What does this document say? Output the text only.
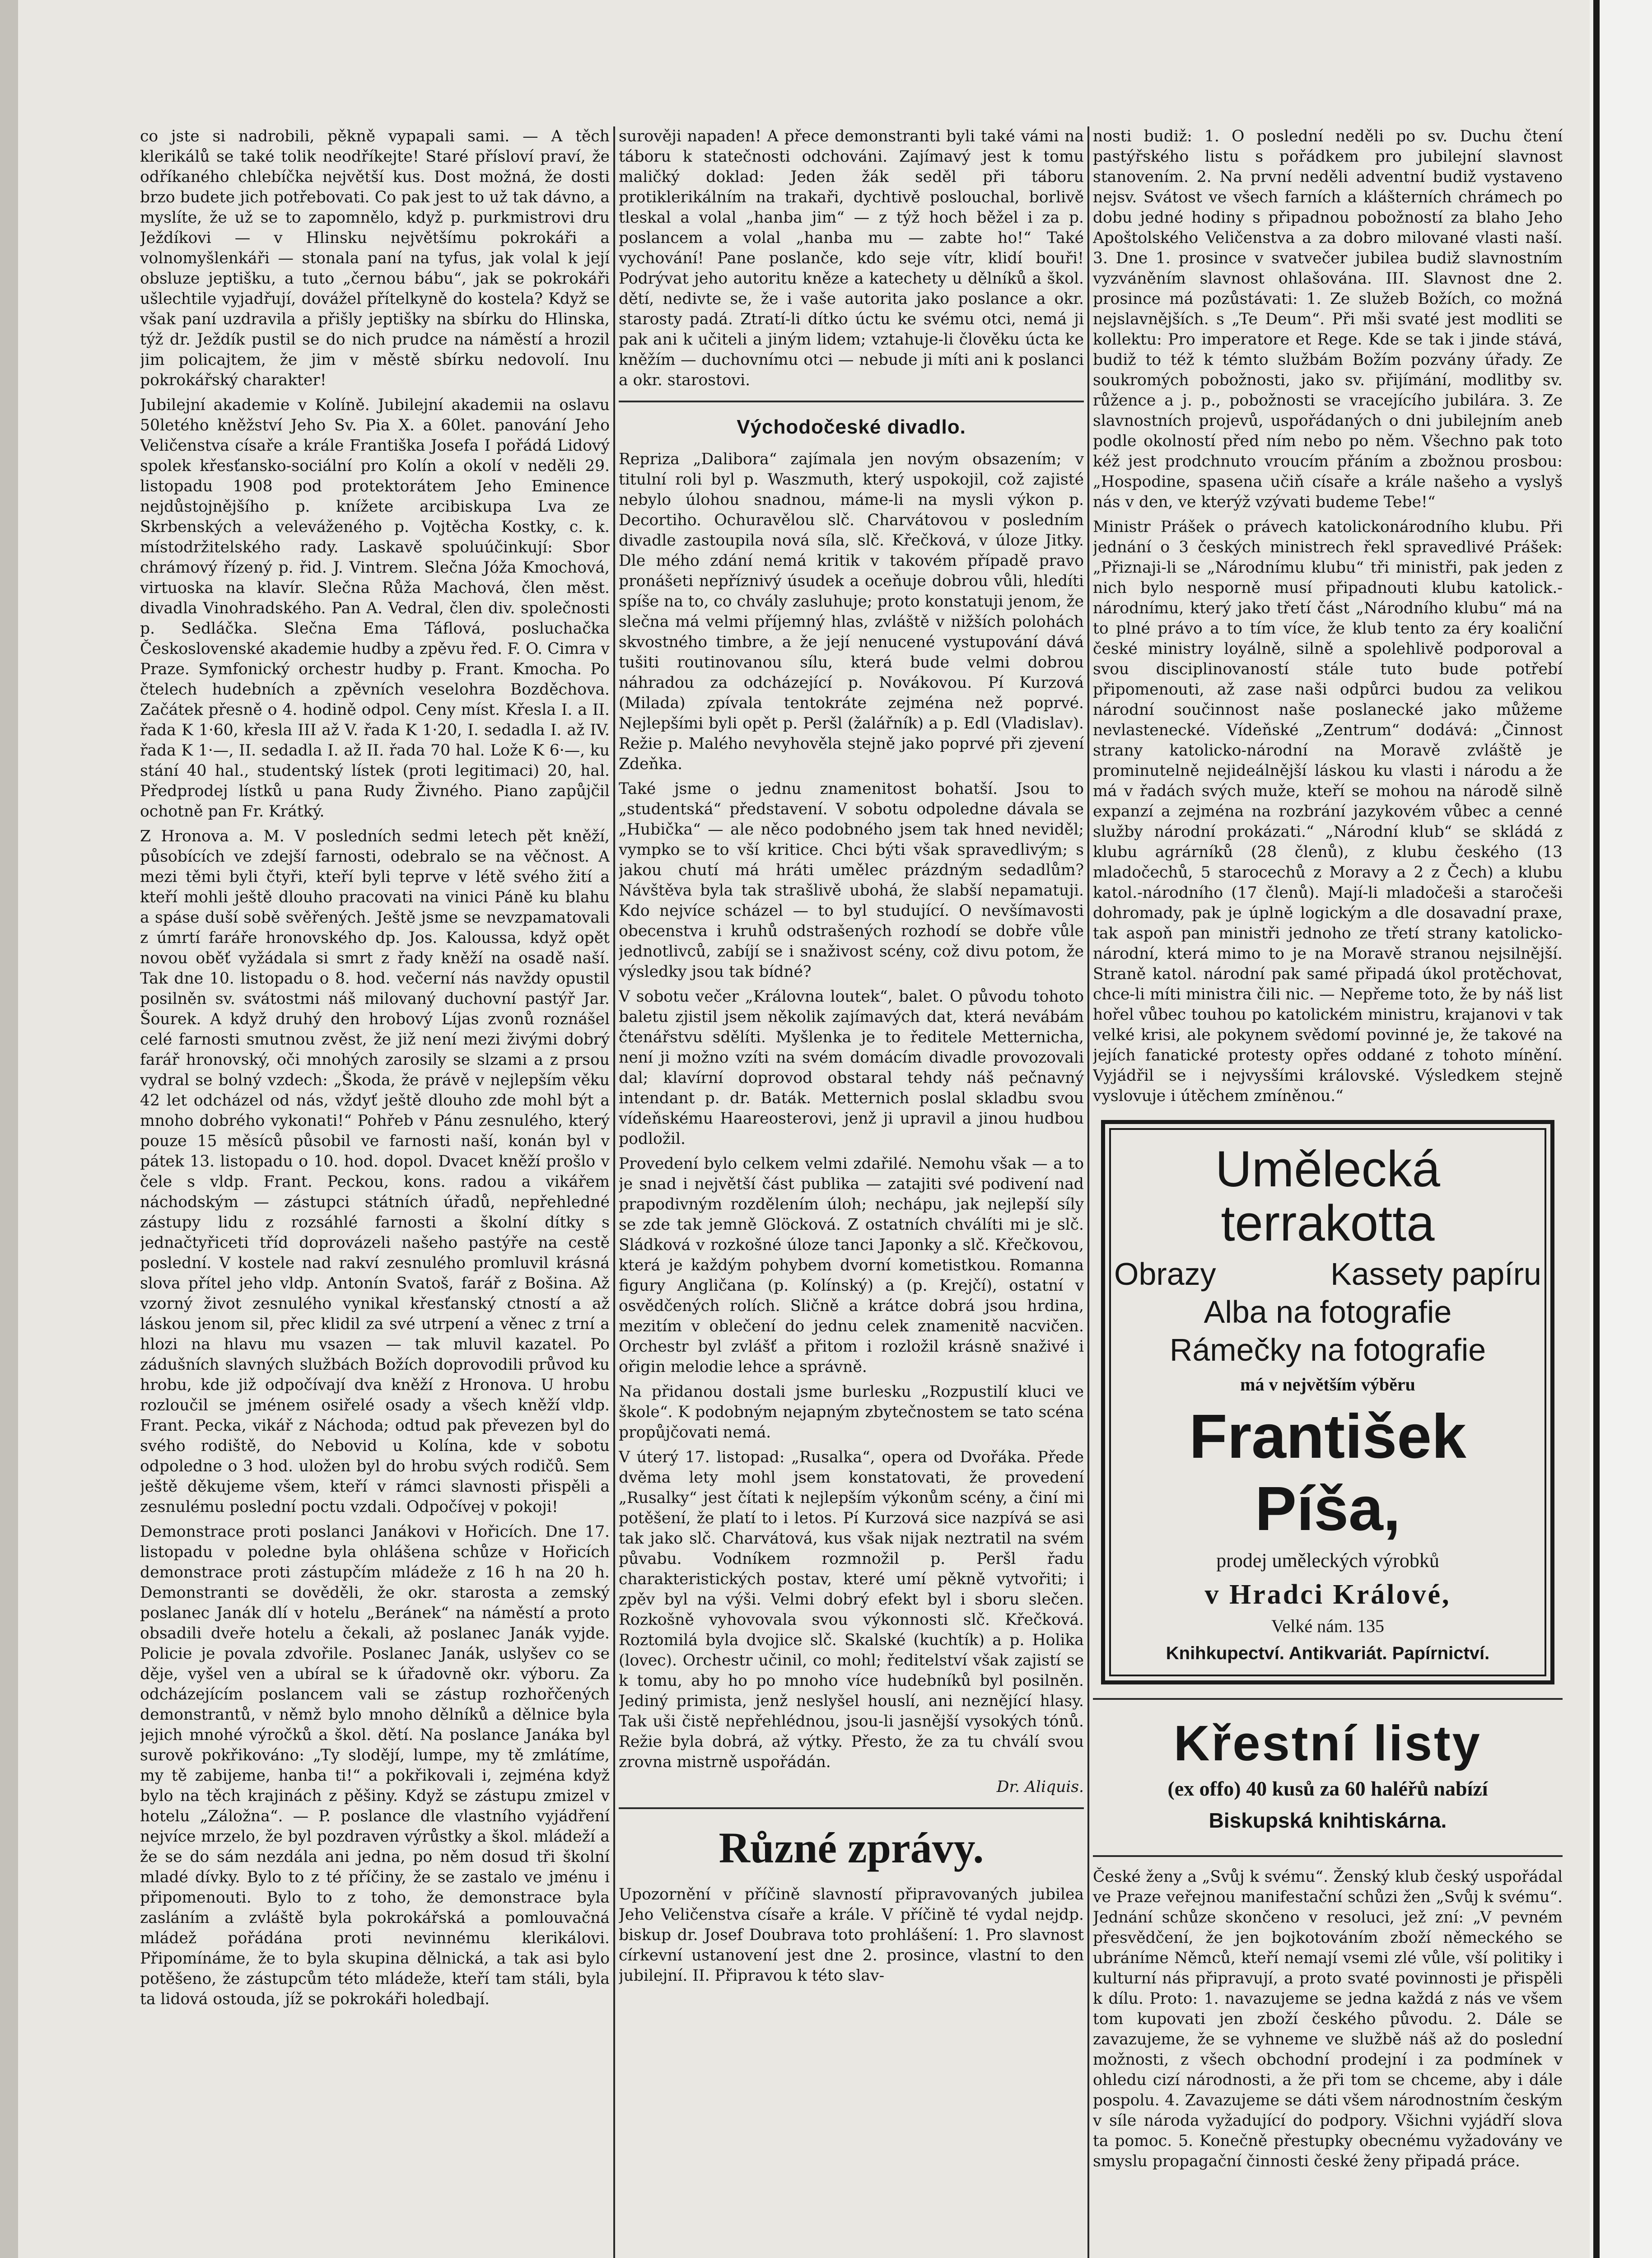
co jste si nadrobili, pěkně vypapali sami. — A těch klerikálů se také tolik neodříkejte! Staré přísloví praví, že odříkaného chlebíčka největší kus. Dost možná, že dosti brzo budete jich potřebovati. Co pak jest to už tak dávno, a myslíte, že už se to zapomnělo, když p. purkmistrovi dru Ježdíkovi — v Hlinsku největšímu pokrokáři a volnomyšlenkáři — stonala paní na tyfus, jak volal k její obsluze jeptišku, a tuto „černou bábu“, jak se pokrokáři ušlechtile vyjadřují, dovážel přítelkyně do kostela? Když se však paní uzdravila a přišly jeptišky na sbírku do Hlinska, týž dr. Ježdík pustil se do nich prudce na náměstí a hrozil jim policajtem, že jim v městě sbírku nedovolí. Inu pokrokářský charakter!

Jubilejní akademie v Kolíně. Jubilejní akademii na oslavu 50letého kněžství Jeho Sv. Pia X. a 60let. panování Jeho Veličenstva císaře a krále Františka Josefa I pořádá Lidový spolek křesťansko-sociální pro Kolín a okolí v neděli 29. listopadu 1908 pod protektorátem Jeho Eminence nejdůstojnějšího p. knížete arcibiskupa Lva ze Skrbenských a veleváženého p. Vojtěcha Kostky, c. k. místodržitelského rady. Laskavě spoluúčinkují: Sbor chrámový řízený p. řid. J. Vintrem. Slečna Jóža Kmochová, virtuoska na klavír. Slečna Růža Machová, člen měst. divadla Vinohradského. Pan A. Vedral, člen div. společnosti p. Sedláčka. Slečna Ema Táflová, posluchačka Československé akademie hudby a zpěvu řed. F. O. Cimra v Praze. Symfonický orchestr hudby p. Frant. Kmocha. Po čtelech hudebních a zpěvních veselohra Bozděchova. Začátek přesně o 4. hodině odpol. Ceny míst. Křesla I. a II. řada K 1·60, křesla III až V. řada K 1·20, I. sedadla I. až IV. řada K 1·—, II. sedadla I. až II. řada 70 hal. Lože K 6·—, ku stání 40 hal., studentský lístek (proti legitimaci) 20, hal. Předprodej lístků u pana Rudy Živného. Piano zapůjčil ochotně pan Fr. Krátký.

Z Hronova a. M. V posledních sedmi letech pět kněží, působících ve zdejší farnosti, odebralo se na věčnost. A mezi těmi byli čtyři, kteří byli teprve v létě svého žití a kteří mohli ještě dlouho pracovati na vinici Páně ku blahu a spáse duší sobě svěřených. Ještě jsme se nevzpamatovali z úmrtí faráře hronovského dp. Jos. Kaloussa, když opět novou oběť vyžádala si smrt z řady kněží na osadě naší. Tak dne 10. listopadu o 8. hod. večerní nás navždy opustil posilněn sv. svátostmi náš milovaný duchovní pastýř Jar. Šourek. A když druhý den hrobový Líjas zvonů roznášel celé farnosti smutnou zvěst, že již není mezi živými dobrý farář hronovský, oči mnohých zarosily se slzami a z prsou vydral se bolný vzdech: „Škoda, že právě v nejlepším věku 42 let odcházel od nás, vždyť ještě dlouho zde mohl být a mnoho dobrého vykonati!“ Pohřeb v Pánu zesnulého, který pouze 15 měsíců působil ve farnosti naší, konán byl v pátek 13. listopadu o 10. hod. dopol. Dvacet kněží prošlo v čele s vldp. Frant. Peckou, kons. radou a vikářem náchodským — zástupci státních úřadů, nepřehledné zástupy lidu z rozsáhlé farnosti a školní dítky s jednačtyřiceti tříd doprovázeli našeho pastýře na cestě poslední. V kostele nad rakví zesnulého promluvil krásná slova přítel jeho vldp. Antonín Svatoš, farář z Bošina. Až vzorný život zesnulého vynikal křesťanský ctností a až láskou jenom sil, přec klidil za své utrpení a věnec z trní a hlozi na hlavu mu vsazen — tak mluvil kazatel. Po zádušních slavných službách Božích doprovodili průvod ku hrobu, kde již odpočívají dva kněží z Hronova. U hrobu rozloučil se jménem osiřelé osady a všech kněží vldp. Frant. Pecka, vikář z Náchoda; odtud pak převezen byl do svého rodiště, do Nebovid u Kolína, kde v sobotu odpoledne o 3 hod. uložen byl do hrobu svých rodičů. Sem ještě děkujeme všem, kteří v rámci slavnosti přispěli a zesnulému poslední poctu vzdali. Odpočívej v pokoji!

Demonstrace proti poslanci Janákovi v Hořicích. Dne 17. listopadu v poledne byla ohlášena schůze v Hořicích demonstrace proti zástupčím mládeže z 16 h na 20 h. Demonstranti se dověděli, že okr. starosta a zemský poslanec Janák dlí v hotelu „Beránek“ na náměstí a proto obsadili dveře hotelu a čekali, až poslanec Janák vyjde. Policie je povala zdvořile. Poslanec Janák, uslyšev co se děje, vyšel ven a ubíral se k úřadovně okr. výboru. Za odcházejícím poslancem vali se zástup rozhořčených demonstrantů, v němž bylo mnoho dělníků a dělnice byla jejich mnohé výročků a škol. dětí. Na poslance Janáka byl surově pokřikováno: „Ty slodějí, lumpe, my tě zmlátíme, my tě zabijeme, hanba ti!“ a pokřikovali i, zejména když bylo na těch krajinách z pěšiny. Když se zástupu zmizel v hotelu „Záložna“. — P. poslance dle vlastního vyjádření nejvíce mrzelo, že byl pozdraven výrůstky a škol. mládeží a že se do sám nezdála ani jedna, po něm dosud tři školní mladé dívky. Bylo to z té příčiny, že se zastalo ve jménu i připomenouti. Bylo to z toho, že demonstrace byla zasláním a zvláště byla pokrokářská a pomlouvačná mládež pořádána proti nevinnému klerikálovi. Připomínáme, že to byla skupina dělnická, a tak asi bylo potěšeno, že zástupcům této mládeže, kteří tam stáli, byla ta lidová ostouda, jíž se pokrokáři holedbají.

surověji napaden! A přece demonstranti byli také vámi na táboru k statečnosti odchováni. Zajímavý jest k tomu maličký doklad: Jeden žák seděl při táboru protiklerikálním na trakaři, dychtivě poslouchal, borlivě tleskal a volal „hanba jim“ — z týž hoch běžel i za p. poslancem a volal „hanba mu — zabte ho!“ Také vychování! Pane poslanče, kdo seje vítr, klidí bouři! Podrývat jeho autoritu kněze a katechety u dělníků a škol. dětí, nedivte se, že i vaše autorita jako poslance a okr. starosty padá. Ztratí-li dítko úctu ke svému otci, nemá ji pak ani k učiteli a jiným lidem; vztahuje-li člověku úcta ke kněžím — duchovnímu otci — nebude ji míti ani k poslanci a okr. starostovi.

Východočeské divadlo.

Repriza „Dalibora“ zajímala jen novým obsazením; v titulní roli byl p. Waszmuth, který uspokojil, což zajisté nebylo úlohou snadnou, máme-li na mysli výkon p. Decortiho. Ochuravělou slč. Charvátovou v posledním divadle zastoupila nová síla, slč. Křečková, v úloze Jitky. Dle mého zdání nemá kritik v takovém případě pravo pronášeti nepříznivý úsudek a oceňuje dobrou vůli, hledíti spíše na to, co chvály zasluhuje; proto konstatuji jenom, že slečna má velmi příjemný hlas, zvláště v nižších polohách skvostného timbre, a že její nenucené vystupování dává tušiti routinovanou sílu, která bude velmi dobrou náhradou za odcházející p. Novákovou. Pí Kurzová (Milada) zpívala tentokráte zejména než poprvé. Nejlepšími byli opět p. Peršl (žalářník) a p. Edl (Vladislav). Režie p. Malého nevyhověla stejně jako poprvé při zjevení Zdeňka.

Také jsme o jednu znamenitost bohatší. Jsou to „studentská“ představení. V sobotu odpoledne dávala se „Hubička“ — ale něco podobného jsem tak hned neviděl; vympko se to vší kritice. Chci býti však spravedlivým; s jakou chutí má hráti umělec prázdným sedadlům? Návštěva byla tak strašlivě ubohá, že slabší nepamatuji. Kdo nejvíce scházel — to byl studující. O nevšímavosti obecenstva i kruhů odstrašených rozhodí se dobře vůle jednotlivců, zabíjí se i snaživost scény, což divu potom, že výsledky jsou tak bídné?

V sobotu večer „Královna loutek“, balet. O původu tohoto baletu zjistil jsem několik zajímavých dat, která nevábám čtenářstvu sdělíti. Myšlenka je to ředitele Metternicha, není ji možno vzíti na svém domácím divadle provozovali dal; klavírní doprovod obstaral tehdy náš pečnavný intendant p. dr. Baták. Metternich poslal skladbu svou vídeňskému Haareosterovi, jenž ji upravil a jinou hudbou podložil.

Provedení bylo celkem velmi zdařilé. Nemohu však — a to je snad i největší část publika — zatajiti své podivení nad prapodivným rozdělením úloh; nechápu, jak nejlepší síly se zde tak jemně Glöcková. Z ostatních chválíti mi je slč. Sládková v rozkošné úloze tanci Japonky a slč. Křečkovou, která je každým pohybem dvorní kometistkou. Romanna figury Angličana (p. Kolínský) a (p. Krejčí), ostatní v osvědčených rolích. Sličně a krátce dobrá jsou hrdina, mezitím v oblečení do jednu celek znamenitě nacvičen. Orchestr byl zvlášť a přitom i rozložil krásně snaživé i ořigin melodie lehce a správně.

Na přidanou dostali jsme burlesku „Rozpustilí kluci ve škole“. K podobným nejapným zbytečnostem se tato scéna propůjčovati nemá.

V úterý 17. listopad: „Rusalka“, opera od Dvořáka. Přede dvěma lety mohl jsem konstatovati, že provedení „Rusalky“ jest čítati k nejlepším výkonům scény, a činí mi potěšení, že platí to i letos. Pí Kurzová sice nazpívá se asi tak jako slč. Charvátová, kus však nijak neztratil na svém půvabu. Vodníkem rozmnožil p. Peršl řadu charakteristických postav, které umí pěkně vytvořiti; i zpěv byl na výši. Velmi dobrý efekt byl i sboru slečen. Rozkošně vyhovovala svou výkonnosti slč. Křečková. Roztomilá byla dvojice slč. Skalské (kuchtík) a p. Holika (lovec). Orchestr učinil, co mohl; ředitelství však zajistí se k tomu, aby ho po mnoho více hudebníků byl posilněn. Jediný primista, jenž neslyšel houslí, ani neznějící hlasy. Tak uši čistě nepřehlédnou, jsou-li jasnější vysokých tónů. Režie byla dobrá, až výtky. Přesto, že za tu chválí svou zrovna mistrně uspořádán.

Dr. Aliquis.

Různé zprávy.

Upozornění v příčině slavností připravovaných jubilea Jeho Veličenstva císaře a krále. V příčině té vydal nejdp. biskup dr. Josef Doubrava toto prohlášení: 1. Pro slavnost církevní ustanovení jest dne 2. prosince, vlastní to den jubilejní. II. Připravou k této slav-

nosti budiž: 1. O poslední neděli po sv. Duchu čtení pastýřského listu s pořádkem pro jubilejní slavnost stanovením. 2. Na první neděli adventní budiž vystaveno nejsv. Svátost ve všech farních a klášterních chrámech po dobu jedné hodiny s připadnou pobožností za blaho Jeho Apoštolského Veličenstva a za dobro milované vlasti naší. 3. Dne 1. prosince v svatvečer jubilea budiž slavnostním vyzváněním slavnost ohlašována. III. Slavnost dne 2. prosince má pozůstávati: 1. Ze služeb Božích, co možná nejslavnějších. s „Te Deum“. Při mši svaté jest modliti se kollektu: Pro imperatore et Rege. Kde se tak i jinde stává, budiž to též k témto službám Božím pozvány úřady. Ze soukromých pobožnosti, jako sv. přijímání, modlitby sv. růžence a j. p., pobožnosti se vracejícího jubilára. 3. Ze slavnostních projevů, uspořádaných o dni jubilejním aneb podle okolností před ním nebo po něm. Všechno pak toto kéž jest prodchnuto vroucím přáním a zbožnou prosbou: „Hospodine, spasena učiň císaře a krále našeho a vyslyš nás v den, ve kterýž vzývati budeme Tebe!“

Ministr Prášek o právech katolickonárodního klubu. Při jednání o 3 českých ministrech řekl spravedlivé Prášek: „Přiznaji-li se „Národnímu klubu“ tři ministři, pak jeden z nich bylo nesporně musí připadnouti klubu katolick.-národnímu, který jako třetí část „Národního klubu“ má na to plné právo a to tím více, že klub tento za éry koaliční české ministry loyálně, silně a spolehlivě podporoval a svou disciplinovaností stále tuto bude potřebí připomenouti, až zase naši odpůrci budou za velikou národní součinnost naše poslanecké jako můžeme nevlastenecké. Vídeňské „Zentrum“ dodává: „Činnost strany katolicko-národní na Moravě zvláště je prominutelně nejideálnější láskou ku vlasti i národu a že má v řadách svých muže, kteří se mohou na národě silně expanzí a zejména na rozbrání jazykovém vůbec a cenné služby národní prokázati.“ „Národní klub“ se skládá z klubu agrárníků (28 členů), z klubu českého (13 mladočechů, 5 starocechů z Moravy a 2 z Čech) a klubu katol.-národního (17 členů). Mají-li mladočeši a staročeši dohromady, pak je úplně logickým a dle dosavadní praxe, tak aspoň pan ministři jednoho ze třetí strany katolicko-národní, která mimo to je na Moravě stranou nejsilnější. Straně katol. národní pak samé připadá úkol protěchovat, chce-li míti ministra čili nic. — Nepřeme toto, že by náš list hořel vůbec touhou po katolickém ministru, krajanovi v tak velké krisi, ale pokynem svědomí povinné je, že takové na jejích fanatické protesty opřes oddané z tohoto mínění. Vyjádřil se i nejvysšími královské. Výsledkem stejně vyslovuje i útěchem zmíněnou.“

Umělecká terrakotta
Obrazy	Kassety papíru
Alba na fotografie
Rámečky na fotografie
má v největším výběru
František Píša,
prodej uměleckých výrobků
v Hradci Králové,
Velké nám. 135
Knihkupectví. Antikvariát. Papírnictví.
Křestní listy
(ex offo) 40 kusů za 60 haléřů nabízí
Biskupská knihtiskárna.

České ženy a „Svůj k svému“. Ženský klub český uspořádal ve Praze veřejnou manifestační schůzi žen „Svůj k svému“. Jednání schůze skončeno v resoluci, jež zní: „V pevném přesvědčení, že jen bojkotováním zboží německého se ubráníme Němců, kteří nemají vsemi zlé vůle, vší politiky i kulturní nás připravují, a proto svaté povinnosti je přispěli k dílu. Proto: 1. navazujeme se jedna každá z nás ve všem tom kupovati jen zboží českého původu. 2. Dále se zavazujeme, že se vyhneme ve službě náš až do poslední možnosti, z všech obchodní prodejní i za podmínek v ohledu cizí národnosti, a že při tom se chceme, aby i dále pospolu. 4. Zavazujeme se dáti všem národnostním českým v síle národa vyžadující do podpory. Všichni vyjádří slova ta pomoc. 5. Konečně přestupky obecnému vyžadovány ve smyslu propagační činnosti české ženy připadá práce.
